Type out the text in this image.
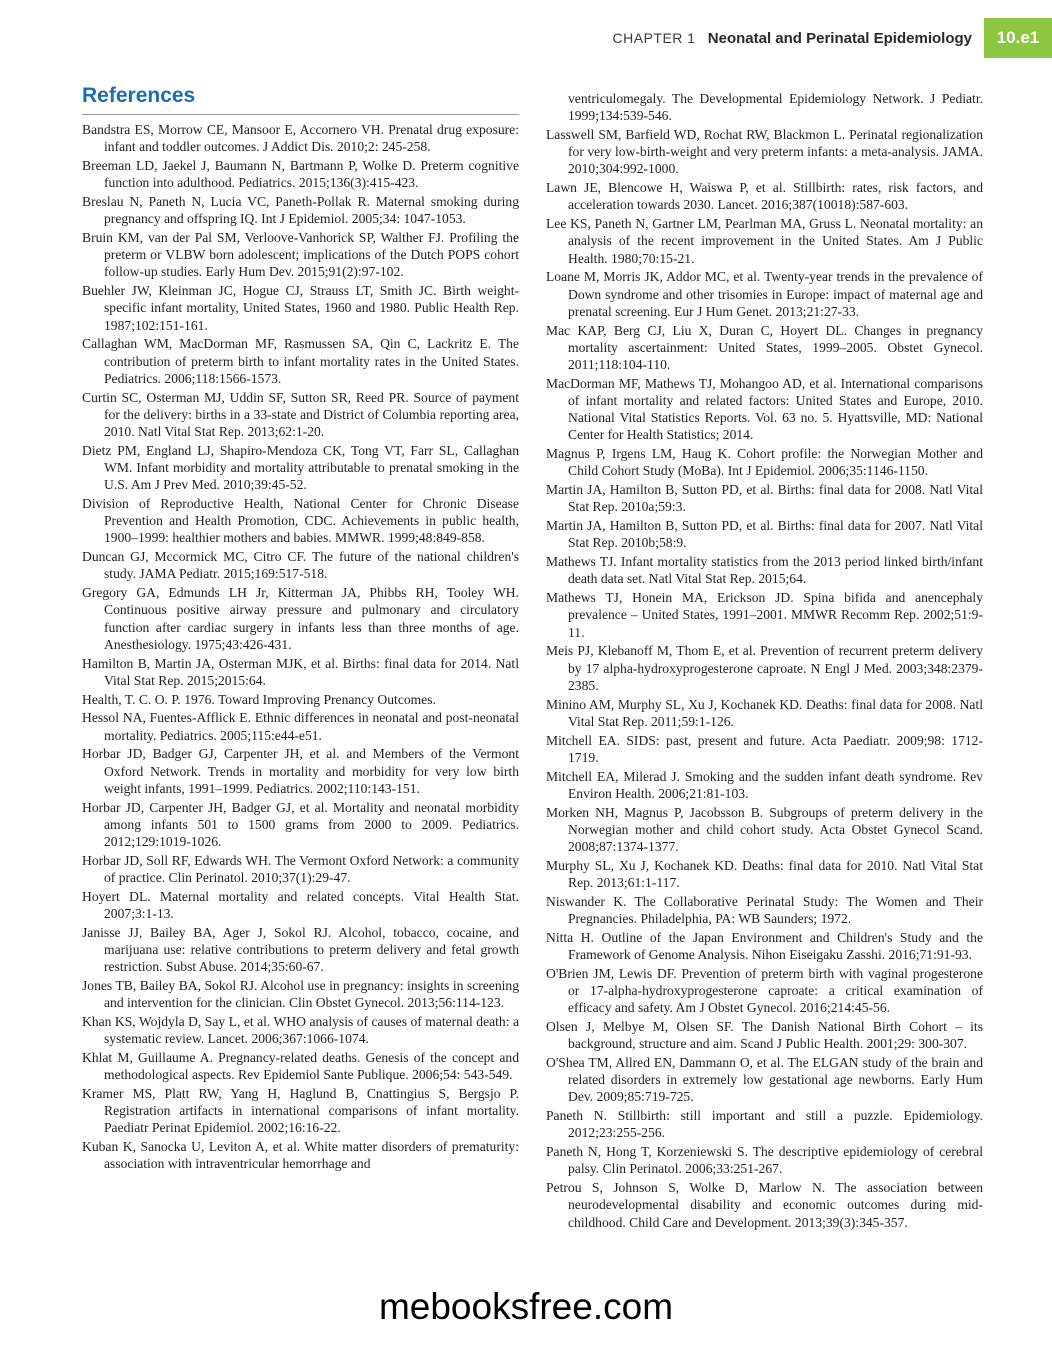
CHAPTER 1 Neonatal and Perinatal Epidemiology	10.e1
References

Bandstra ES, Morrow CE, Mansoor E, Accornero VH. Prenatal drug exposure: infant and toddler outcomes. J Addict Dis. 2010;2: 245-258.

Breeman LD, Jaekel J, Baumann N, Bartmann P, Wolke D. Preterm cognitive function into adulthood. Pediatrics. 2015;136(3):415-423.

Breslau N, Paneth N, Lucia VC, Paneth-Pollak R. Maternal smoking during pregnancy and offspring IQ. Int J Epidemiol. 2005;34: 1047-1053.

Bruin KM, van der Pal SM, Verloove-Vanhorick SP, Walther FJ. Profiling the preterm or VLBW born adolescent; implications of the Dutch POPS cohort follow-up studies. Early Hum Dev. 2015;91(2):97-102.

Buehler JW, Kleinman JC, Hogue CJ, Strauss LT, Smith JC. Birth weight-specific infant mortality, United States, 1960 and 1980. Public Health Rep. 1987;102:151-161.

Callaghan WM, MacDorman MF, Rasmussen SA, Qin C, Lackritz E. The contribution of preterm birth to infant mortality rates in the United States. Pediatrics. 2006;118:1566-1573.

Curtin SC, Osterman MJ, Uddin SF, Sutton SR, Reed PR. Source of payment for the delivery: births in a 33-state and District of Columbia reporting area, 2010. Natl Vital Stat Rep. 2013;62:1-20.

Dietz PM, England LJ, Shapiro-Mendoza CK, Tong VT, Farr SL, Callaghan WM. Infant morbidity and mortality attributable to prenatal smoking in the U.S. Am J Prev Med. 2010;39:45-52.

Division of Reproductive Health, National Center for Chronic Disease Prevention and Health Promotion, CDC. Achievements in public health, 1900–1999: healthier mothers and babies. MMWR. 1999;48:849-858.

Duncan GJ, Mccormick MC, Citro CF. The future of the national children's study. JAMA Pediatr. 2015;169:517-518.

Gregory GA, Edmunds LH Jr, Kitterman JA, Phibbs RH, Tooley WH. Continuous positive airway pressure and pulmonary and circulatory function after cardiac surgery in infants less than three months of age. Anesthesiology. 1975;43:426-431.

Hamilton B, Martin JA, Osterman MJK, et al. Births: final data for 2014. Natl Vital Stat Rep. 2015;2015:64.

Health, T. C. O. P. 1976. Toward Improving Prenancy Outcomes.

Hessol NA, Fuentes-Afflick E. Ethnic differences in neonatal and post-neonatal mortality. Pediatrics. 2005;115:e44-e51.

Horbar JD, Badger GJ, Carpenter JH, et al. and Members of the Vermont Oxford Network. Trends in mortality and morbidity for very low birth weight infants, 1991–1999. Pediatrics. 2002;110:143-151.

Horbar JD, Carpenter JH, Badger GJ, et al. Mortality and neonatal morbidity among infants 501 to 1500 grams from 2000 to 2009. Pediatrics. 2012;129:1019-1026.

Horbar JD, Soll RF, Edwards WH. The Vermont Oxford Network: a community of practice. Clin Perinatol. 2010;37(1):29-47.

Hoyert DL. Maternal mortality and related concepts. Vital Health Stat. 2007;3:1-13.

Janisse JJ, Bailey BA, Ager J, Sokol RJ. Alcohol, tobacco, cocaine, and marijuana use: relative contributions to preterm delivery and fetal growth restriction. Subst Abuse. 2014;35:60-67.

Jones TB, Bailey BA, Sokol RJ. Alcohol use in pregnancy: insights in screening and intervention for the clinician. Clin Obstet Gynecol. 2013;56:114-123.

Khan KS, Wojdyla D, Say L, et al. WHO analysis of causes of maternal death: a systematic review. Lancet. 2006;367:1066-1074.

Khlat M, Guillaume A. Pregnancy-related deaths. Genesis of the concept and methodological aspects. Rev Epidemiol Sante Publique. 2006;54: 543-549.

Kramer MS, Platt RW, Yang H, Haglund B, Cnattingius S, Bergsjo P. Registration artifacts in international comparisons of infant mortality. Paediatr Perinat Epidemiol. 2002;16:16-22.

Kuban K, Sanocka U, Leviton A, et al. White matter disorders of prematurity: association with intraventricular hemorrhage and

ventriculomegaly. The Developmental Epidemiology Network. J Pediatr. 1999;134:539-546.

Lasswell SM, Barfield WD, Rochat RW, Blackmon L. Perinatal regionalization for very low-birth-weight and very preterm infants: a meta-analysis. JAMA. 2010;304:992-1000.

Lawn JE, Blencowe H, Waiswa P, et al. Stillbirth: rates, risk factors, and acceleration towards 2030. Lancet. 2016;387(10018):587-603.

Lee KS, Paneth N, Gartner LM, Pearlman MA, Gruss L. Neonatal mortality: an analysis of the recent improvement in the United States. Am J Public Health. 1980;70:15-21.

Loane M, Morris JK, Addor MC, et al. Twenty-year trends in the prevalence of Down syndrome and other trisomies in Europe: impact of maternal age and prenatal screening. Eur J Hum Genet. 2013;21:27-33.

Mac KAP, Berg CJ, Liu X, Duran C, Hoyert DL. Changes in pregnancy mortality ascertainment: United States, 1999–2005. Obstet Gynecol. 2011;118:104-110.

MacDorman MF, Mathews TJ, Mohangoo AD, et al. International comparisons of infant mortality and related factors: United States and Europe, 2010. National Vital Statistics Reports. Vol. 63 no. 5. Hyattsville, MD: National Center for Health Statistics; 2014.

Magnus P, Irgens LM, Haug K. Cohort profile: the Norwegian Mother and Child Cohort Study (MoBa). Int J Epidemiol. 2006;35:1146-1150.

Martin JA, Hamilton B, Sutton PD, et al. Births: final data for 2008. Natl Vital Stat Rep. 2010a;59:3.

Martin JA, Hamilton B, Sutton PD, et al. Births: final data for 2007. Natl Vital Stat Rep. 2010b;58:9.

Mathews TJ. Infant mortality statistics from the 2013 period linked birth/infant death data set. Natl Vital Stat Rep. 2015;64.

Mathews TJ, Honein MA, Erickson JD. Spina bifida and anencephaly prevalence – United States, 1991–2001. MMWR Recomm Rep. 2002;51:9-11.

Meis PJ, Klebanoff M, Thom E, et al. Prevention of recurrent preterm delivery by 17 alpha-hydroxyprogesterone caproate. N Engl J Med. 2003;348:2379-2385.

Minino AM, Murphy SL, Xu J, Kochanek KD. Deaths: final data for 2008. Natl Vital Stat Rep. 2011;59:1-126.

Mitchell EA. SIDS: past, present and future. Acta Paediatr. 2009;98: 1712-1719.

Mitchell EA, Milerad J. Smoking and the sudden infant death syndrome. Rev Environ Health. 2006;21:81-103.

Morken NH, Magnus P, Jacobsson B. Subgroups of preterm delivery in the Norwegian mother and child cohort study. Acta Obstet Gynecol Scand. 2008;87:1374-1377.

Murphy SL, Xu J, Kochanek KD. Deaths: final data for 2010. Natl Vital Stat Rep. 2013;61:1-117.

Niswander K. The Collaborative Perinatal Study: The Women and Their Pregnancies. Philadelphia, PA: WB Saunders; 1972.

Nitta H. Outline of the Japan Environment and Children's Study and the Framework of Genome Analysis. Nihon Eiseigaku Zasshi. 2016;71:91-93.

O'Brien JM, Lewis DF. Prevention of preterm birth with vaginal progesterone or 17-alpha-hydroxyprogesterone caproate: a critical examination of efficacy and safety. Am J Obstet Gynecol. 2016;214:45-56.

Olsen J, Melbye M, Olsen SF. The Danish National Birth Cohort – its background, structure and aim. Scand J Public Health. 2001;29: 300-307.

O'Shea TM, Allred EN, Dammann O, et al. The ELGAN study of the brain and related disorders in extremely low gestational age newborns. Early Hum Dev. 2009;85:719-725.

Paneth N. Stillbirth: still important and still a puzzle. Epidemiology. 2012;23:255-256.

Paneth N, Hong T, Korzeniewski S. The descriptive epidemiology of cerebral palsy. Clin Perinatol. 2006;33:251-267.

Petrou S, Johnson S, Wolke D, Marlow N. The association between neurodevelopmental disability and economic outcomes during mid-childhood. Child Care and Development. 2013;39(3):345-357.

mebooksfree.com
